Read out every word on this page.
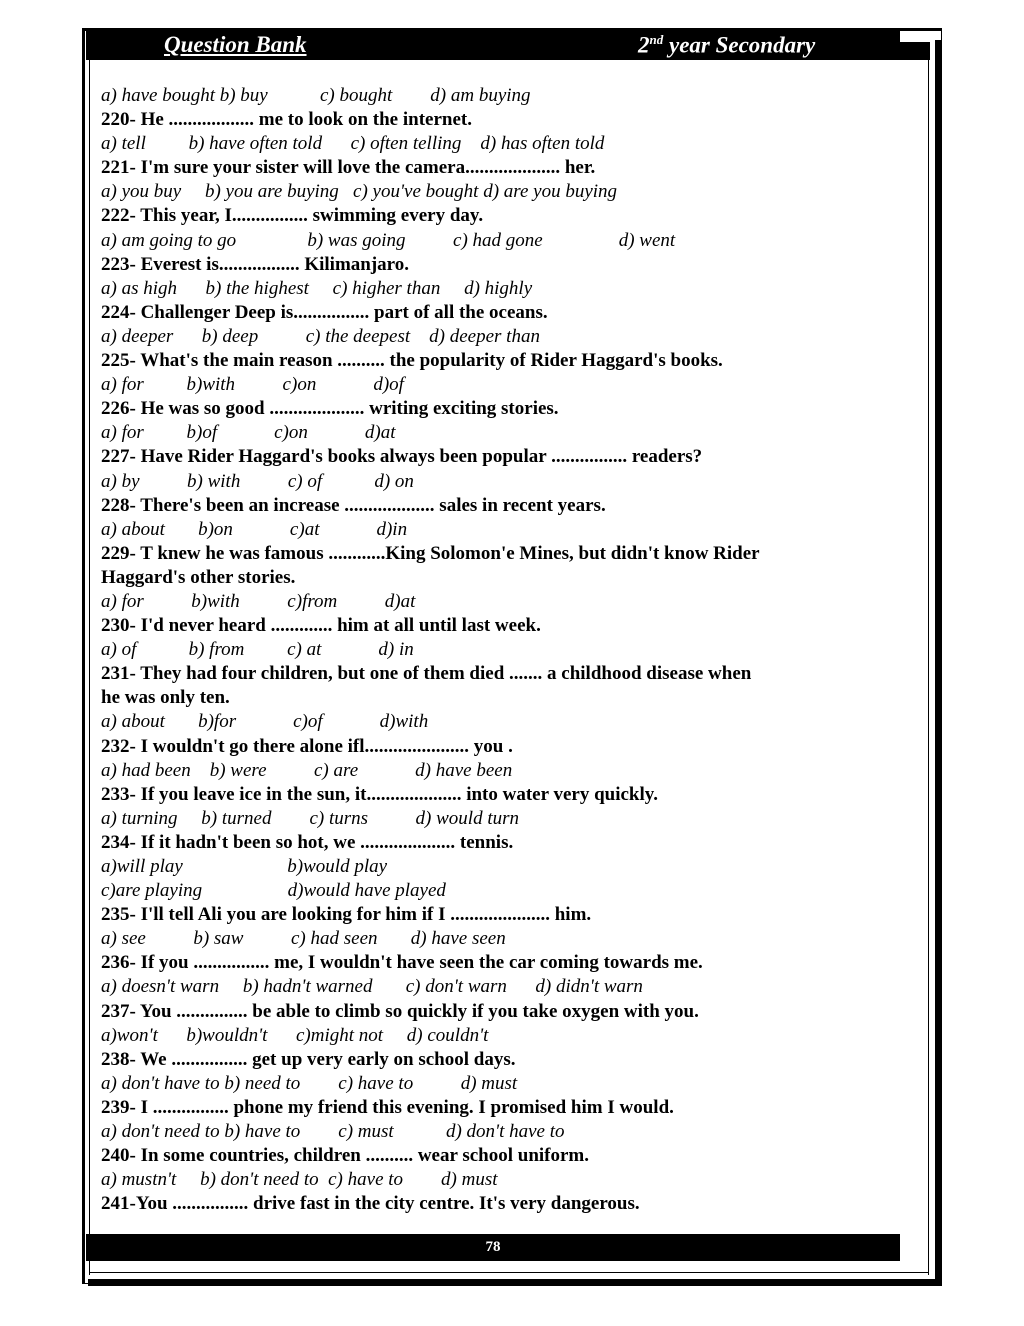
Question Bank	2nd year Secondary
a) have bought b) buy           c) bought        d) am buying
220- He .................. me to look on the internet.
a) tell         b) have often told      c) often telling    d) has often told
221- I'm sure your sister will love the camera.................... her.
a) you buy     b) you are buying   c) you've bought d) are you buying
222- This year, I................ swimming every day.
a) am going to go               b) was going          c) had gone                d) went
223- Everest is................. Kilimanjaro.
a) as high      b) the highest     c) higher than     d) highly
224- Challenger Deep is................ part of all the oceans.
a) deeper      b) deep          c) the deepest    d) deeper than
225- What's the main reason .......... the popularity of Rider Haggard's books.
a) for         b)with          c)on            d)of
226- He was so good .................... writing exciting stories.
a) for         b)of            c)on            d)at
227- Have Rider Haggard's books always been popular ................ readers?
a) by          b) with          c) of           d) on
228- There's been an increase ................... sales in recent years.
a) about       b)on            c)at            d)in
229- T knew he was famous ............King Solomon'e Mines, but didn't know Rider
Haggard's other stories.
a) for          b)with          c)from          d)at
230- I'd never heard ............. him at all until last week.
a) of           b) from         c) at            d) in
231- They had four children, but one of them died ....... a childhood disease when
he was only ten.
a) about       b)for            c)of            d)with
232- I wouldn't go there alone ifl...................... you .
a) had been    b) were          c) are            d) have been
233- If you leave ice in the sun, it.................... into water very quickly.
a) turning     b) turned        c) turns          d) would turn
234- If it hadn't been so hot, we .................... tennis.
a)will play                      b)would play
c)are playing                  d)would have played
235- I'll tell Ali you are looking for him if I ..................... him.
a) see          b) saw          c) had seen       d) have seen
236- If you ................ me, I wouldn't have seen the car coming towards me.
a) doesn't warn     b) hadn't warned       c) don't warn      d) didn't warn
237- You ............... be able to climb so quickly if you take oxygen with you.
a)won't      b)wouldn't      c)might not     d) couldn't
238- We ................ get up very early on school days.
a) don't have to b) need to        c) have to          d) must
239- I ................ phone my friend this evening. I promised him I would.
a) don't need to b) have to        c) must           d) don't have to
240- In some countries, children .......... wear school uniform.
a) mustn't     b) don't need to  c) have to        d) must
241-You ................ drive fast in the city centre. It's very dangerous.
78
